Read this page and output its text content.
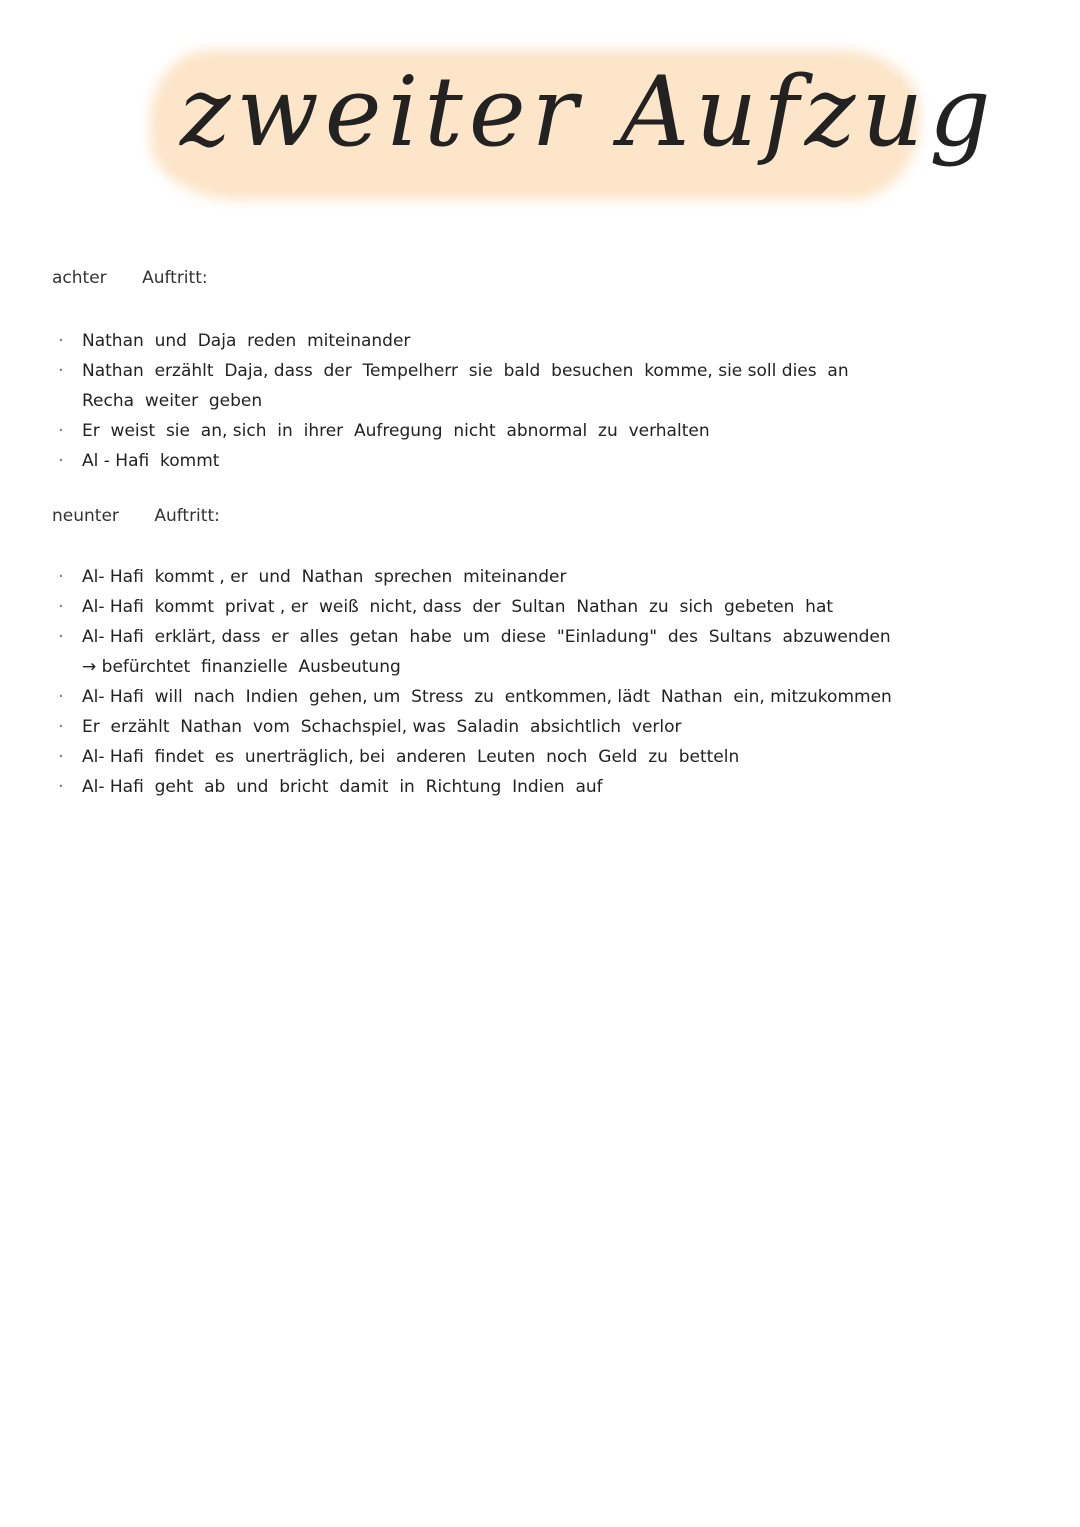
zweiter Aufzug
achter Auftritt:
· Nathan  und  Daja  reden  miteinander
· Nathan  erzählt  Daja, dass  der  Tempelherr  sie  bald  besuchen  komme, sie soll dies  an
Recha  weiter  geben
· Er  weist  sie  an, sich  in  ihrer  Aufregung  nicht  abnormal  zu  verhalten
· Al - Hafi  kommt
neunter Auftritt:
· Al- Hafi  kommt , er  und  Nathan  sprechen  miteinander
· Al- Hafi  kommt  privat , er  weiß  nicht, dass  der  Sultan  Nathan  zu  sich  gebeten  hat
· Al- Hafi  erklärt, dass  er  alles  getan  habe  um  diese  "Einladung"  des  Sultans  abzuwenden
→ befürchtet  finanzielle  Ausbeutung
· Al- Hafi  will  nach  Indien  gehen, um  Stress  zu  entkommen, lädt  Nathan  ein, mitzukommen
· Er  erzählt  Nathan  vom  Schachspiel, was  Saladin  absichtlich  verlor
· Al- Hafi  findet  es  unerträglich, bei  anderen  Leuten  noch  Geld  zu  betteln
· Al- Hafi  geht  ab  und  bricht  damit  in  Richtung  Indien  auf
